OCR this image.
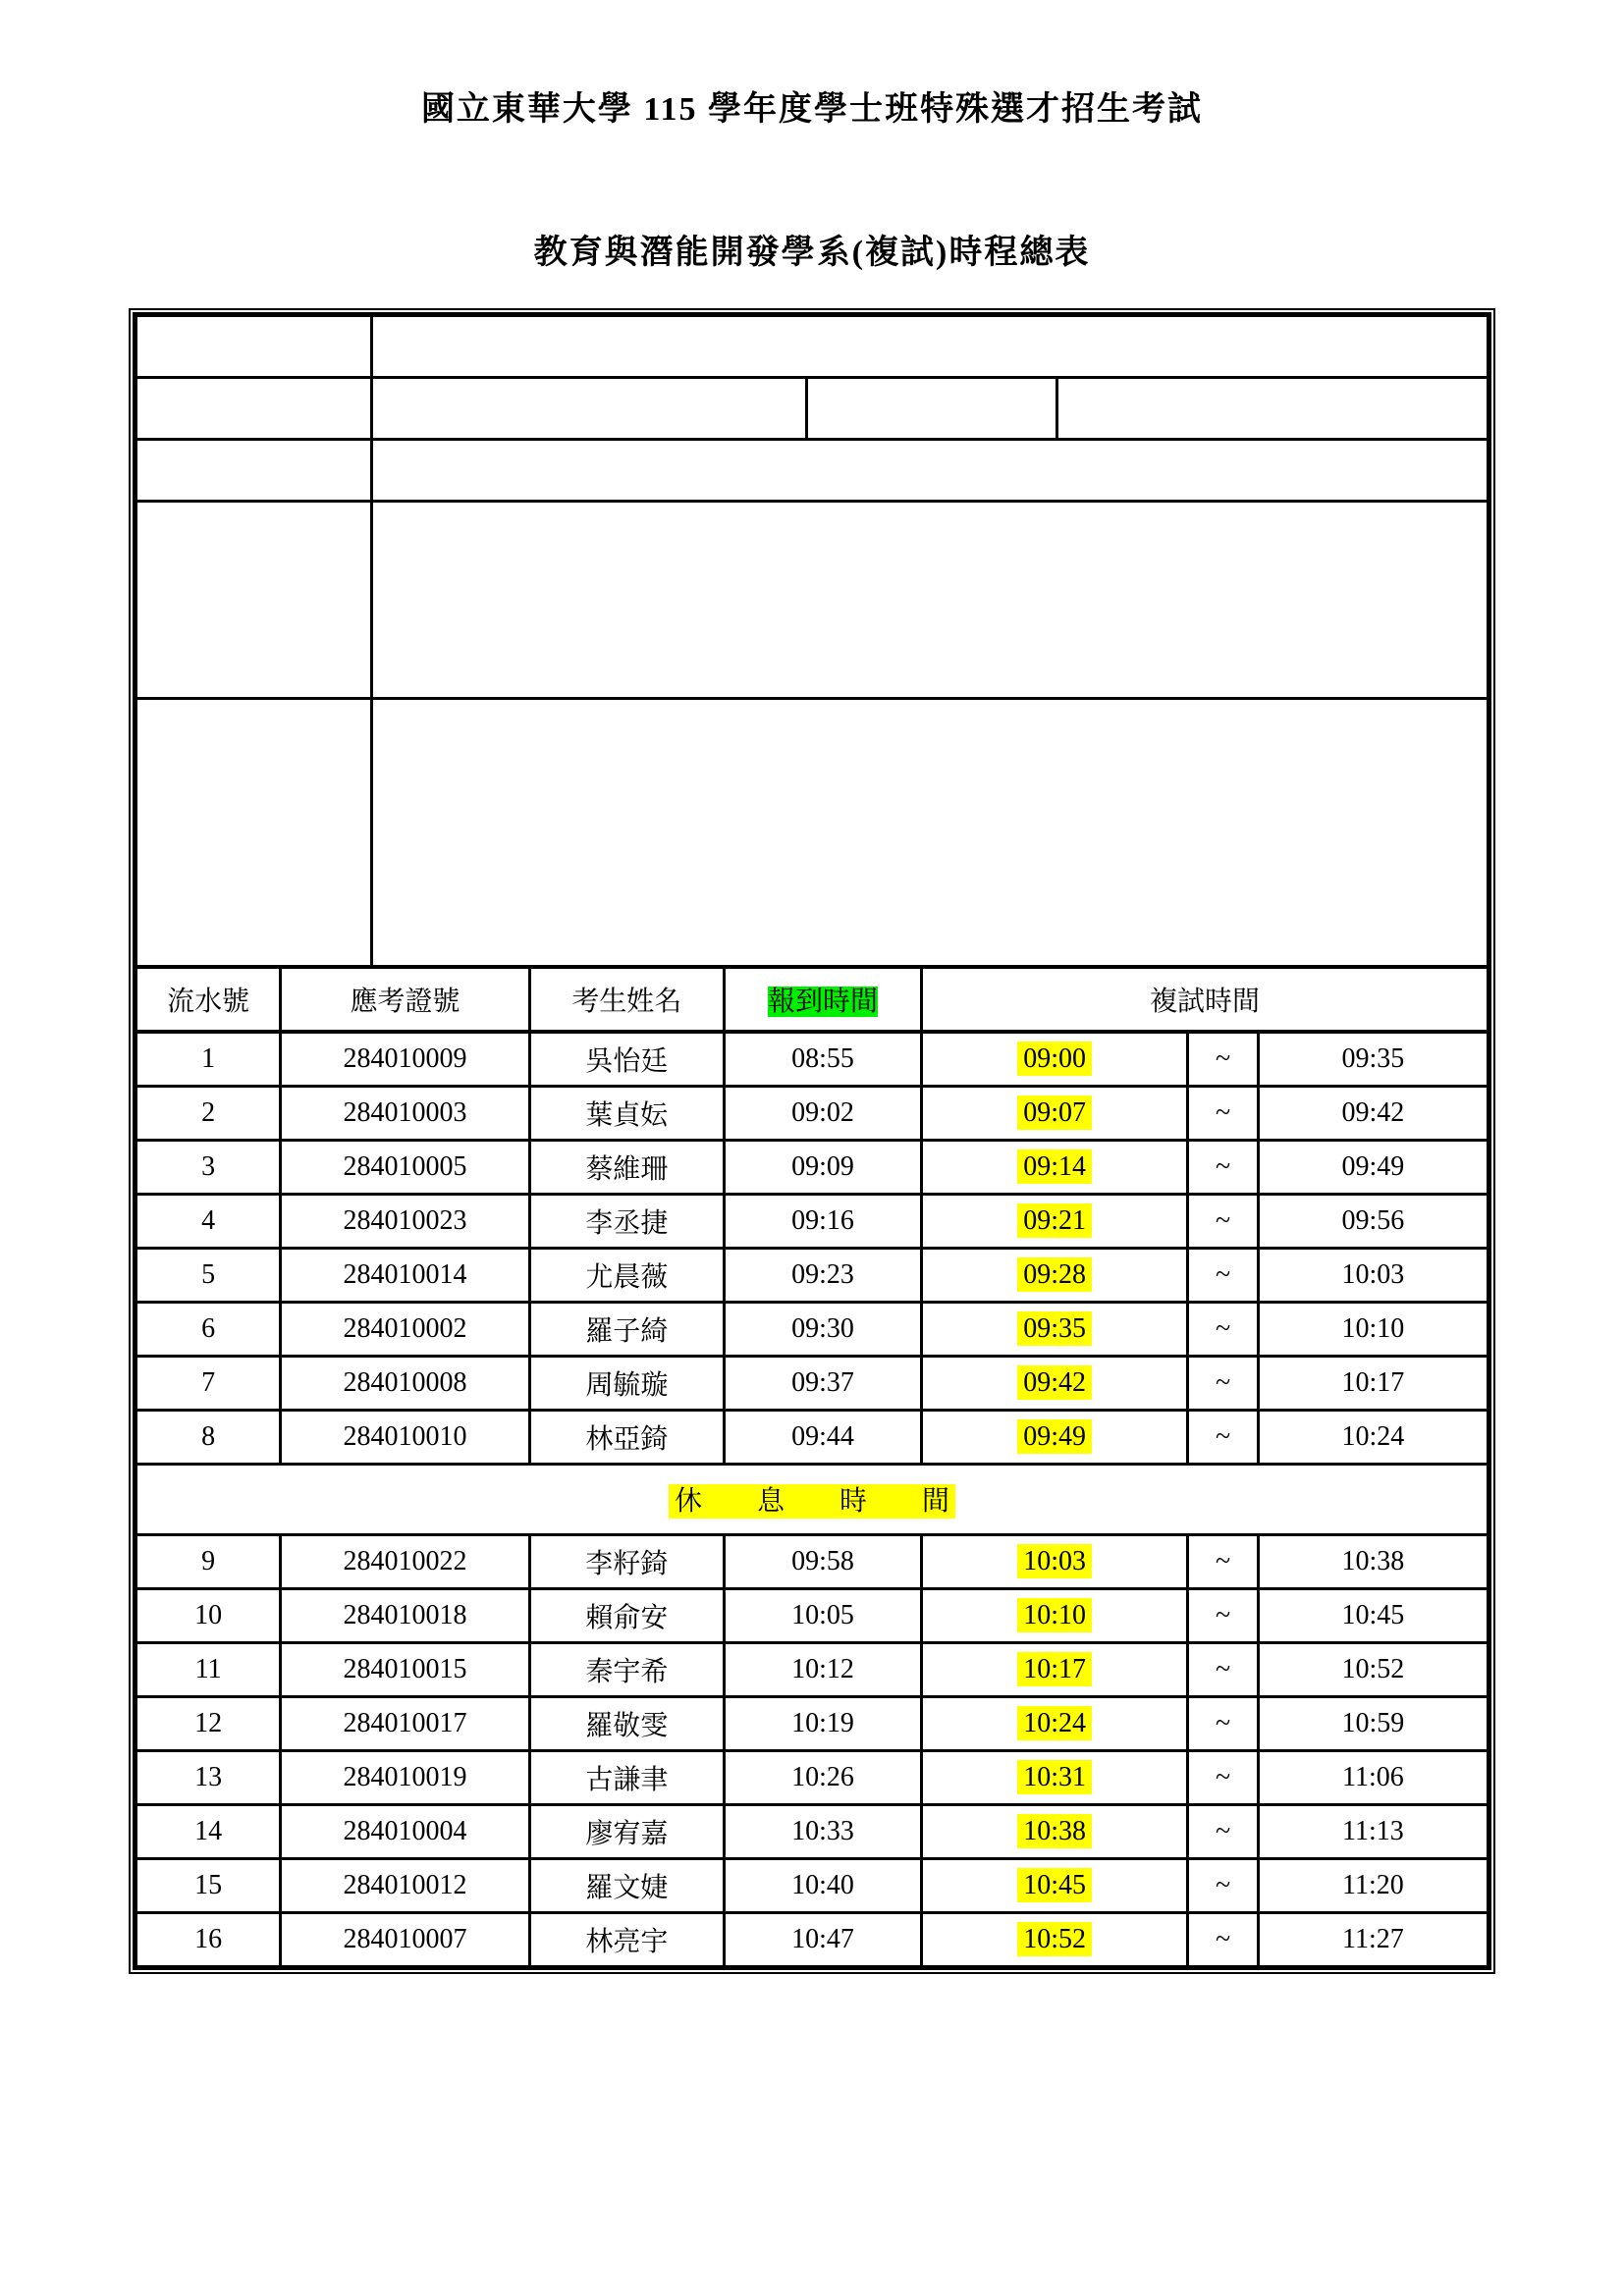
國立東華大學 115 學年度學士班特殊選才招生考試
教育與潛能開發學系(複試)時程總表

流水號	應考證號	考生姓名	報到時間	複試時間		
1	284010009	吳怡廷	08:55	09:00	~	09:35
2	284010003	葉貞妘	09:02	09:07	~	09:42
3	284010005	蔡維珊	09:09	09:14	~	09:49
4	284010023	李丞捷	09:16	09:21	~	09:56
5	284010014	尤晨薇	09:23	09:28	~	10:03
6	284010002	羅子綺	09:30	09:35	~	10:10
7	284010008	周毓璇	09:37	09:42	~	10:17
8	284010010	林亞錡	09:44	09:49	~	10:24
休　　息　　時　　間						
9	284010022	李籽錡	09:58	10:03	~	10:38
10	284010018	賴俞安	10:05	10:10	~	10:45
11	284010015	秦宇希	10:12	10:17	~	10:52
12	284010017	羅敬雯	10:19	10:24	~	10:59
13	284010019	古謙聿	10:26	10:31	~	11:06
14	284010004	廖宥嘉	10:33	10:38	~	11:13
15	284010012	羅文婕	10:40	10:45	~	11:20
16	284010007	林亮宇	10:47	10:52	~	11:27
